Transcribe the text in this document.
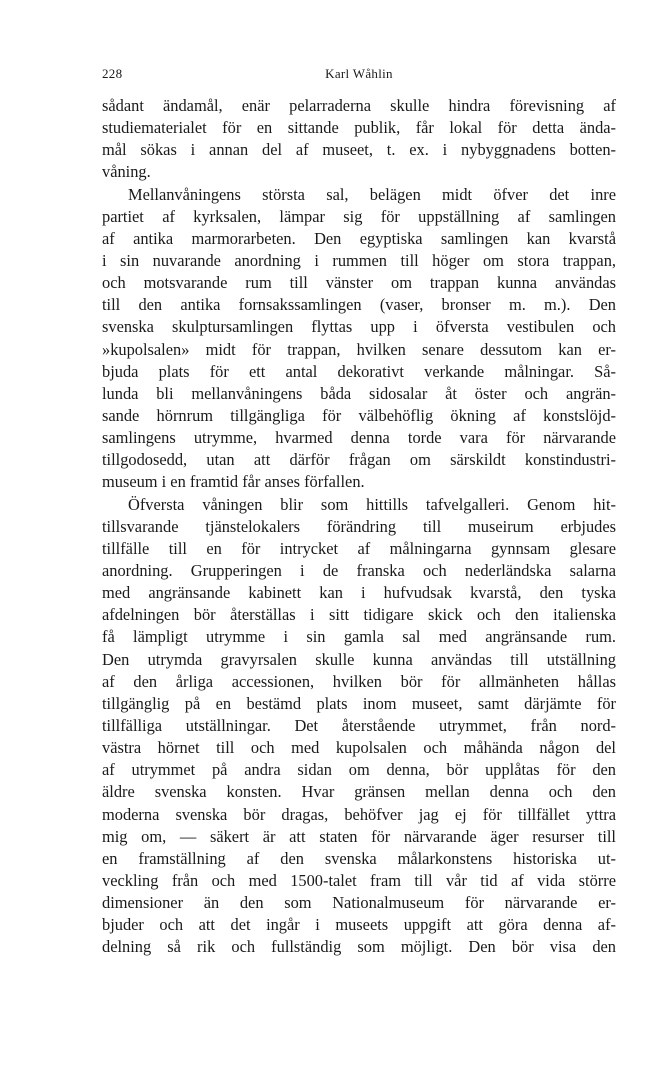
228	Karl Wåhlin
sådant ändamål, enär pelarraderna skulle hindra förevisning af
studiematerialet för en sittande publik, får lokal för detta ända-
mål sökas i annan del af museet, t. ex. i nybyggnadens botten-
våning.
Mellanvåningens största sal, belägen midt öfver det inre
partiet af kyrksalen, lämpar sig för uppställning af samlingen
af antika marmorarbeten. Den egyptiska samlingen kan kvarstå
i sin nuvarande anordning i rummen till höger om stora trappan,
och motsvarande rum till vänster om trappan kunna användas
till den antika fornsakssamlingen (vaser, bronser m. m.). Den
svenska skulptursamlingen flyttas upp i öfversta vestibulen och
»kupolsalen» midt för trappan, hvilken senare dessutom kan er-
bjuda plats för ett antal dekorativt verkande målningar. Så-
lunda bli mellanvåningens båda sidosalar åt öster och angrän-
sande hörnrum tillgängliga för välbehöflig ökning af konstslöjd-
samlingens utrymme, hvarmed denna torde vara för närvarande
tillgodosedd, utan att därför frågan om särskildt konstindustri-
museum i en framtid får anses förfallen.
Öfversta våningen blir som hittills tafvelgalleri. Genom hit-
tillsvarande tjänstelokalers förändring till museirum erbjudes
tillfälle till en för intrycket af målningarna gynnsam glesare
anordning. Grupperingen i de franska och nederländska salarna
med angränsande kabinett kan i hufvudsak kvarstå, den tyska
afdelningen bör återställas i sitt tidigare skick och den italienska
få lämpligt utrymme i sin gamla sal med angränsande rum.
Den utrymda gravyrsalen skulle kunna användas till utställning
af den årliga accessionen, hvilken bör för allmänheten hållas
tillgänglig på en bestämd plats inom museet, samt därjämte för
tillfälliga utställningar. Det återstående utrymmet, från nord-
västra hörnet till och med kupolsalen och måhända någon del
af utrymmet på andra sidan om denna, bör upplåtas för den
äldre svenska konsten. Hvar gränsen mellan denna och den
moderna svenska bör dragas, behöfver jag ej för tillfället yttra
mig om, — säkert är att staten för närvarande äger resurser till
en framställning af den svenska målarkonstens historiska ut-
veckling från och med 1500-talet fram till vår tid af vida större
dimensioner än den som Nationalmuseum för närvarande er-
bjuder och att det ingår i museets uppgift att göra denna af-
delning så rik och fullständig som möjligt. Den bör visa den
